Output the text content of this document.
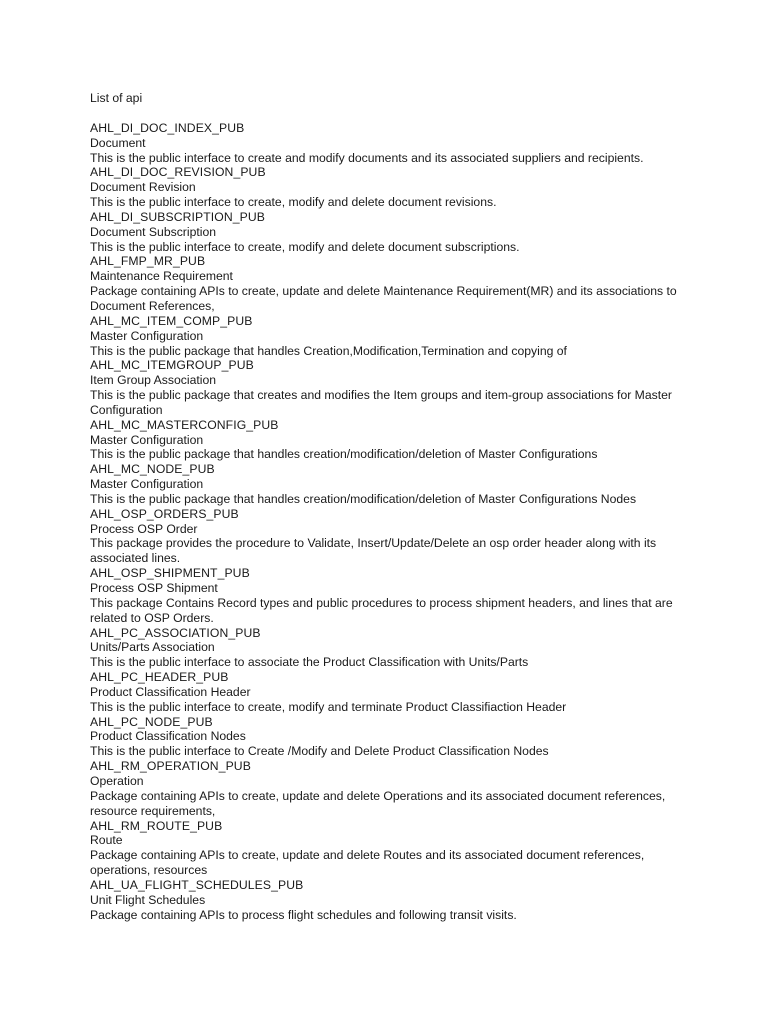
List of api
AHL_DI_DOC_INDEX_PUB
Document
This is the public interface to create and modify documents and its associated suppliers and recipients.
AHL_DI_DOC_REVISION_PUB
Document Revision
This is the public interface to create, modify and delete document revisions.
AHL_DI_SUBSCRIPTION_PUB
Document Subscription
This is the public interface to create, modify and delete document subscriptions.
AHL_FMP_MR_PUB
Maintenance Requirement
Package containing APIs to create, update and delete Maintenance Requirement(MR) and its associations to Document References,
AHL_MC_ITEM_COMP_PUB
Master Configuration
This is the public package that handles Creation,Modification,Termination and copying of
AHL_MC_ITEMGROUP_PUB
Item Group Association
This is the public package that creates and modifies the Item groups and item-group associations for Master Configuration
AHL_MC_MASTERCONFIG_PUB
Master Configuration
This is the public package that handles creation/modification/deletion of Master Configurations
AHL_MC_NODE_PUB
Master Configuration
This is the public package that handles creation/modification/deletion of Master Configurations Nodes
AHL_OSP_ORDERS_PUB
Process OSP Order
This package provides the procedure to Validate, Insert/Update/Delete an osp order header along with its associated lines.
AHL_OSP_SHIPMENT_PUB
Process OSP Shipment
This package Contains Record types and public procedures to process shipment headers, and lines that are related to OSP Orders.
AHL_PC_ASSOCIATION_PUB
Units/Parts Association
This is the public interface to associate the Product Classification with Units/Parts
AHL_PC_HEADER_PUB
Product Classification Header
This is the public interface to create, modify and terminate Product Classifiaction Header
AHL_PC_NODE_PUB
Product Classification Nodes
This is the public interface to Create /Modify and Delete Product Classification Nodes
AHL_RM_OPERATION_PUB
Operation
Package containing APIs to create, update and delete Operations and its associated document references, resource requirements,
AHL_RM_ROUTE_PUB
Route
Package containing APIs to create, update and delete Routes and its associated document references, operations, resources
AHL_UA_FLIGHT_SCHEDULES_PUB
Unit Flight Schedules
Package containing APIs to process flight schedules and following transit visits.
